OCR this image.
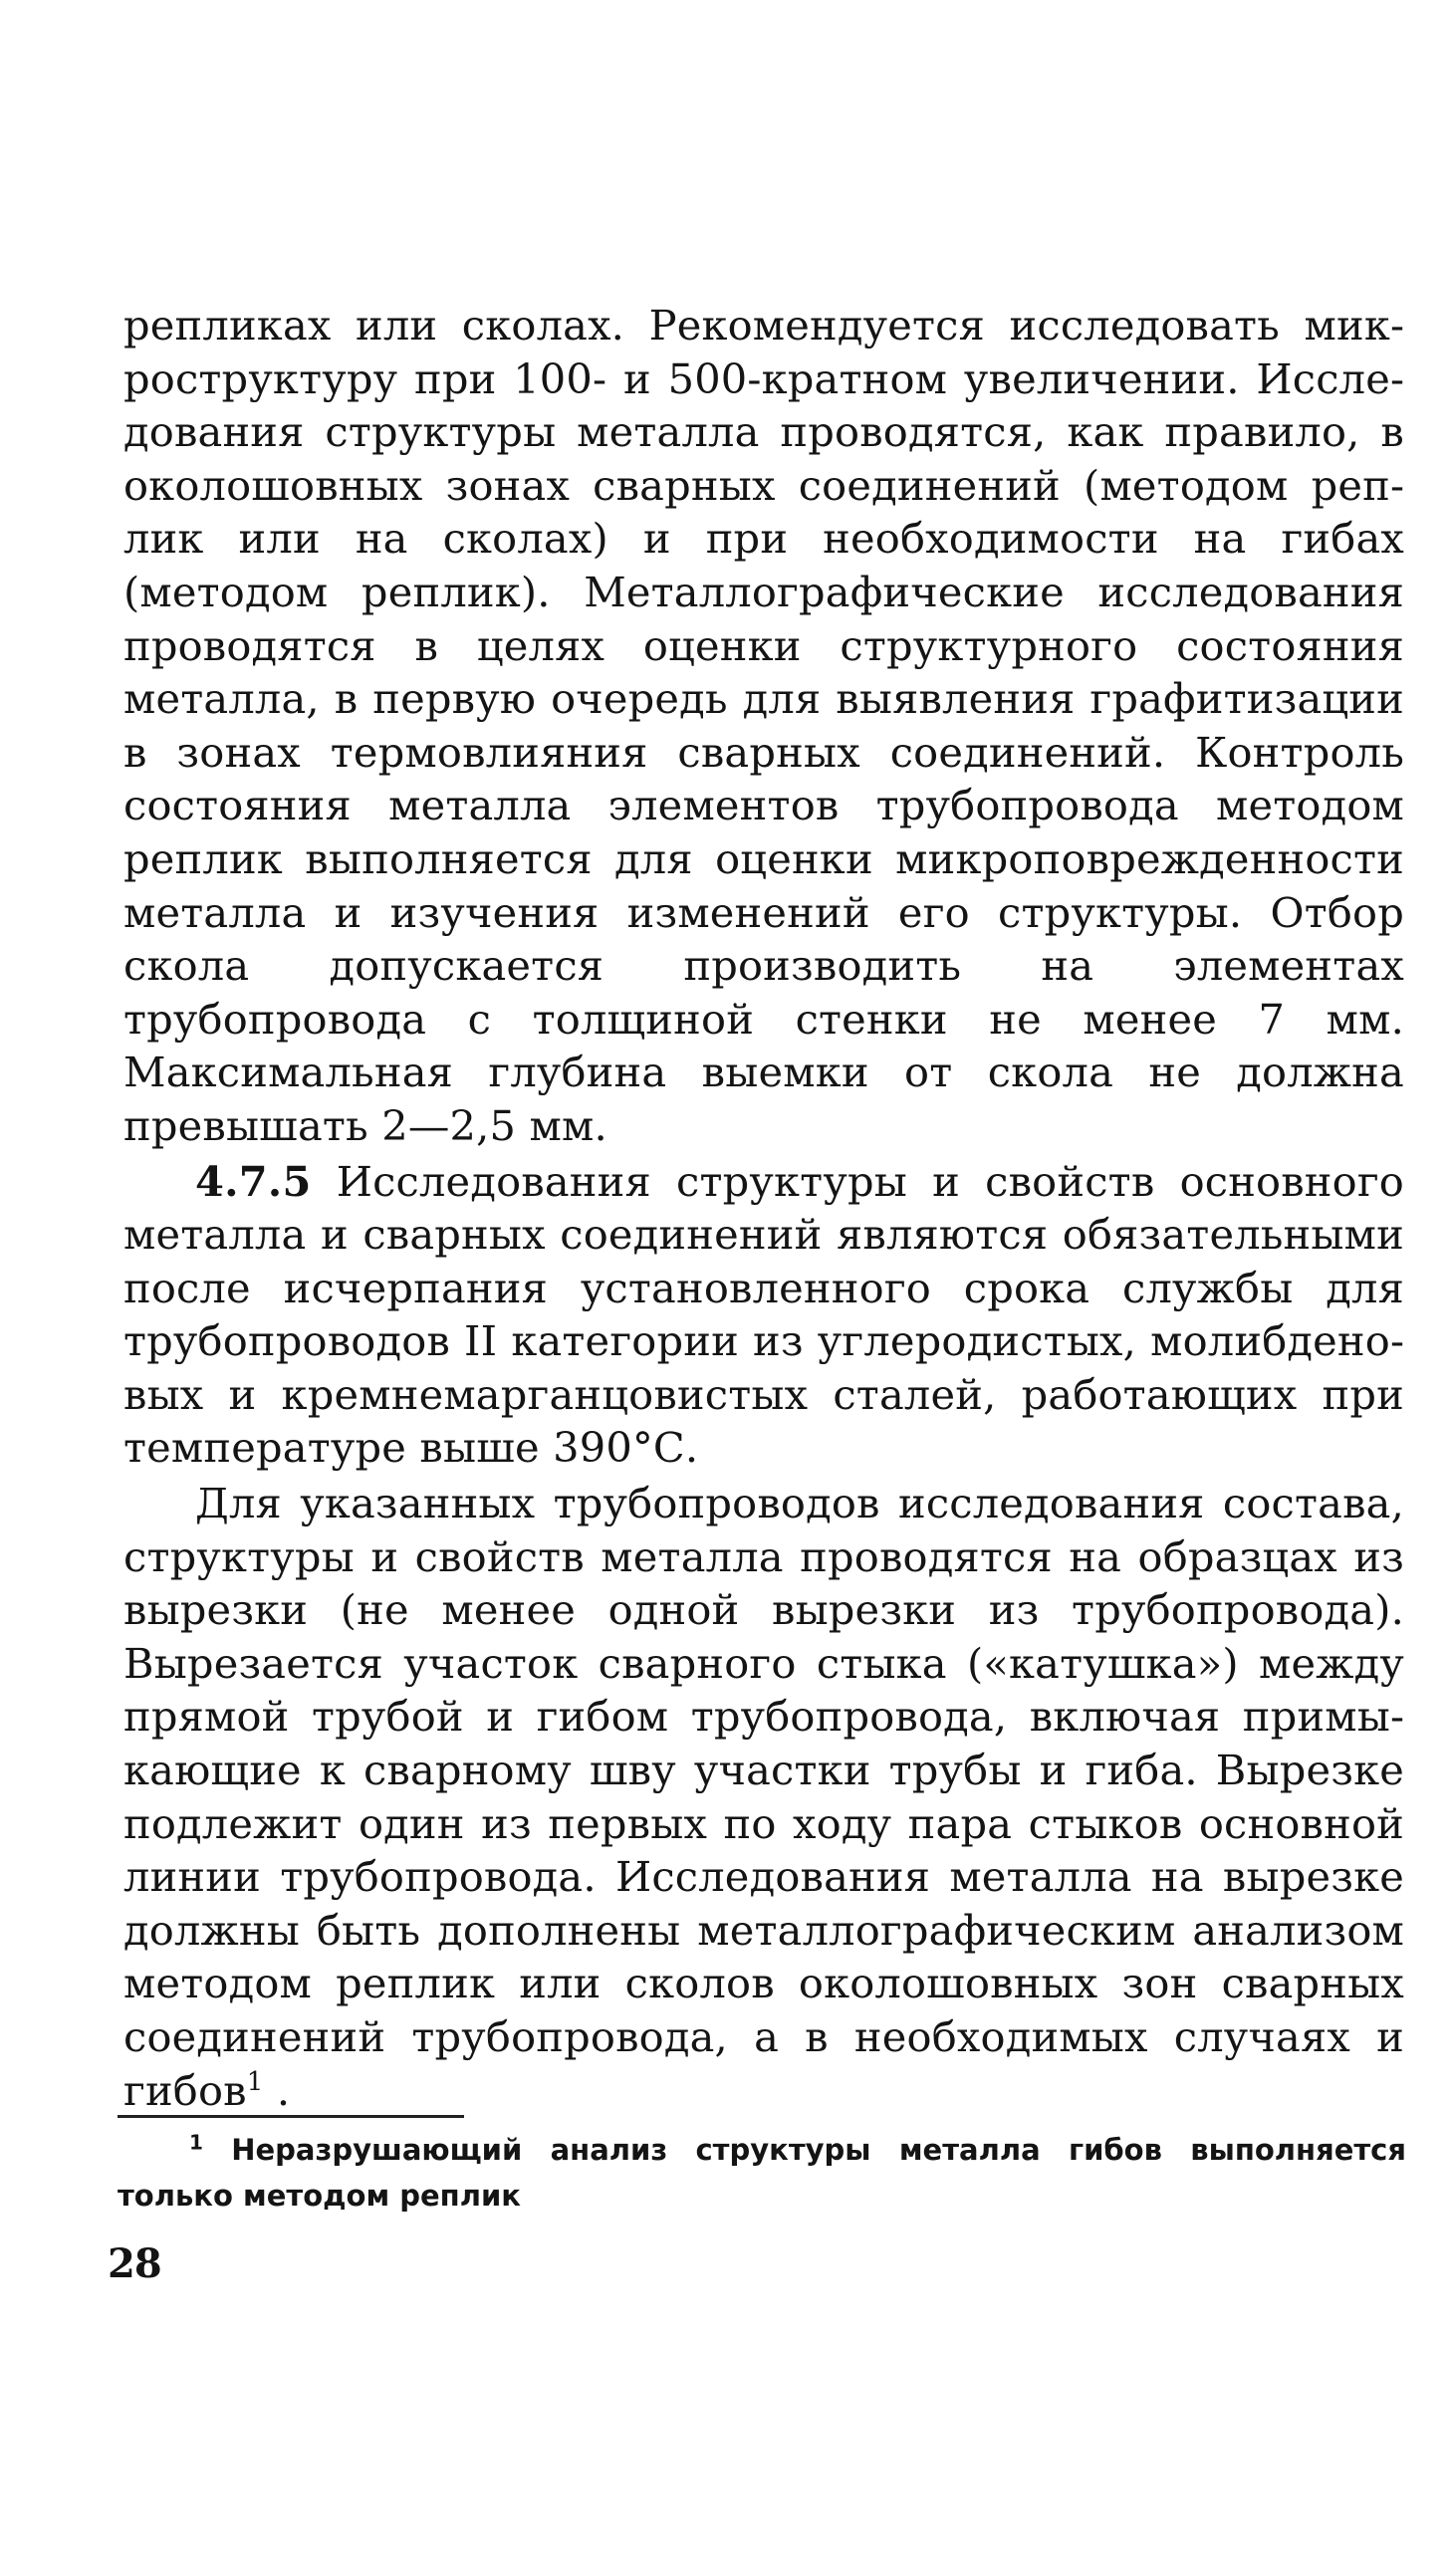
репликах или сколах. Рекомендуется исследовать микроструктуру при 100- и 500-кратном увеличении. Исследования структуры металла проводятся, как правило, в околошовных зонах сварных соединений (методом реплик или на сколах) и при необходимости на гибах (методом реплик). Металлографические исследования проводятся в целях оценки структурного состояния металла, в первую очередь для выявления графитизации в зонах термовлияния сварных соединений. Контроль состояния металла элементов трубопровода методом реплик выполняется для оценки микроповрежденности металла и изучения изменений его структуры. Отбор скола допускается производить на элементах трубопровода с толщиной стенки не менее 7 мм. Максимальная глубина выемки от скола не должна превышать 2—2,5 мм.

4.7.5 Исследования структуры и свойств основного металла и сварных соединений являются обязательными после исчерпания установленного срока службы для трубопроводов II категории из углеродистых, молибденовых и кремнемарганцовистых сталей, работающих при температуре выше 390°С.

Для указанных трубопроводов исследования состава, структуры и свойств металла проводятся на образцах из вырезки (не менее одной вырезки из трубопровода). Вырезается участок сварного стыка («катушка») между прямой трубой и гибом трубопровода, включая примыкающие к сварному шву участки трубы и гиба. Вырезке подлежит один из первых по ходу пара стыков основной линии трубопровода. Исследования металла на вырезке должны быть дополнены металлографическим анализом методом реплик или сколов околошовных зон сварных соединений трубопровода, а в необходимых случаях и гибов$^1$ .

$^1$ Неразрушающий анализ структуры металла гибов выполняется только методом реплик

28
